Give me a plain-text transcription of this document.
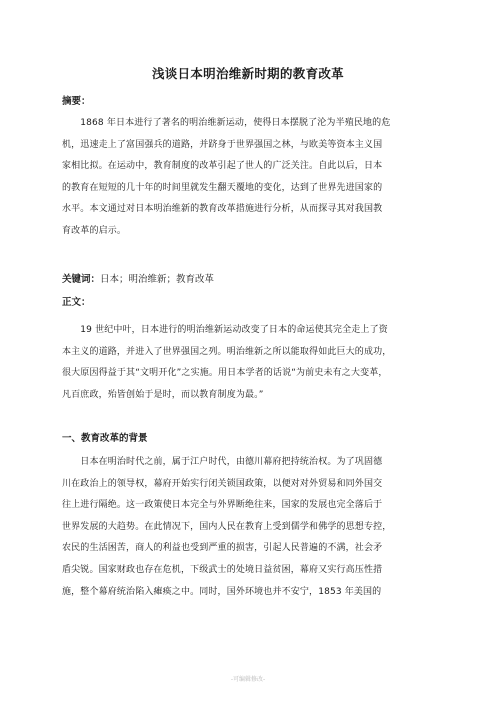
浅谈日本明治维新时期的教育改革
摘要：
　　1868 年日本进行了著名的明治维新运动，使得日本摆脱了沦为半殖民地的危
机，迅速走上了富国强兵的道路，并跻身于世界强国之林，与欧美等资本主义国
家相比拟。在运动中，教育制度的改革引起了世人的广泛关注。自此以后，日本
的教育在短短的几十年的时间里就发生翻天覆地的变化，达到了世界先进国家的
水平。本文通过对日本明治维新的教育改革措施进行分析，从而探寻其对我国教
育改革的启示。
关键词：日本；明治维新；教育改革
正文：
　　19 世纪中叶，日本进行的明治维新运动改变了日本的命运使其完全走上了资
本主义的道路，并进入了世界强国之列。明治维新之所以能取得如此巨大的成功，
很大原因得益于其“文明开化”之实施。用日本学者的话说“为前史未有之大变革，
凡百庶政，殆皆创始于是时，而以教育制度为最。”
一、教育改革的背景
　　日本在明治时代之前，属于江户时代，由德川幕府把持统治权。为了巩固德
川在政治上的领导权，幕府开始实行闭关锁国政策，以便对对外贸易和同外国交
往上进行隔绝。这一政策使日本完全与外界断绝往来，国家的发展也完全落后于
世界发展的大趋势。在此情况下，国内人民在教育上受到儒学和佛学的思想专控，
农民的生活困苦，商人的利益也受到严重的损害，引起人民普遍的不满，社会矛
盾尖锐。国家财政也存在危机，下级武士的处境日益贫困，幕府又实行高压性措
施，整个幕府统治陷入瘫痪之中。同时，国外环境也并不安宁，1853 年美国的
-可编辑修改-
